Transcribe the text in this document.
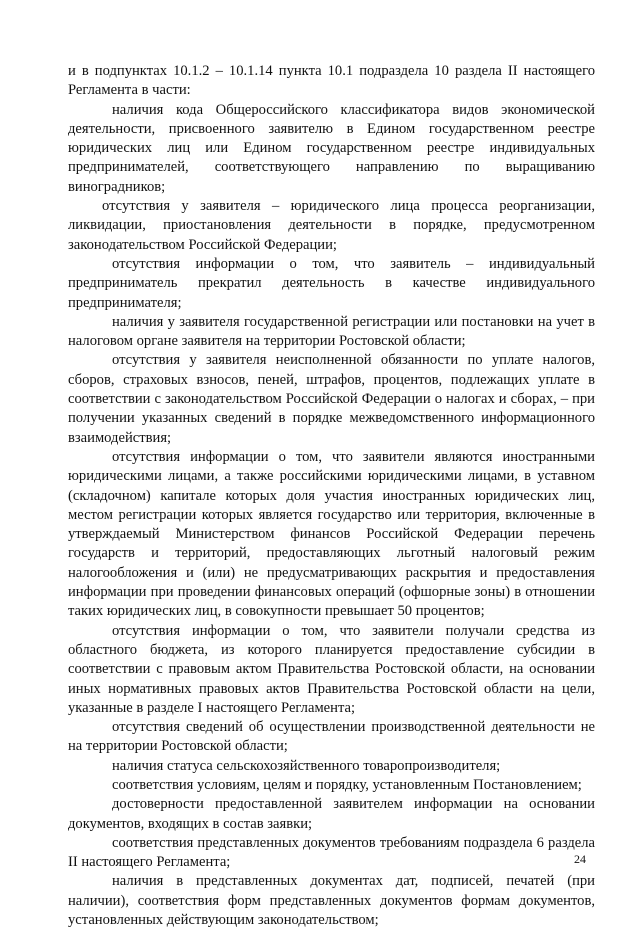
и в подпунктах 10.1.2 – 10.1.14 пункта 10.1 подраздела 10 раздела II настоящего Регламента в части:

наличия кода Общероссийского классификатора видов экономической деятельности, присвоенного заявителю в Едином государственном реестре юридических лиц или Едином государственном реестре индивидуальных предпринимателей, соответствующего направлению по выращиванию виноградников;

отсутствия у заявителя – юридического лица процесса реорганизации, ликвидации, приостановления деятельности в порядке, предусмотренном законодательством Российской Федерации;

отсутствия информации о том, что заявитель – индивидуальный предприниматель прекратил деятельность в качестве индивидуального предпринимателя;

наличия у заявителя государственной регистрации или постановки на учет в налоговом органе заявителя на территории Ростовской области;

отсутствия у заявителя неисполненной обязанности по уплате налогов, сборов, страховых взносов, пеней, штрафов, процентов, подлежащих уплате в соответствии с законодательством Российской Федерации о налогах и сборах, – при получении указанных сведений в порядке межведомственного информационного взаимодействия;

отсутствия информации о том, что заявители являются иностранными юридическими лицами, а также российскими юридическими лицами, в уставном (складочном) капитале которых доля участия иностранных юридических лиц, местом регистрации которых является государство или территория, включенные в утверждаемый Министерством финансов Российской Федерации перечень государств и территорий, предоставляющих льготный налоговый режим налогообложения и (или) не предусматривающих раскрытия и предоставления информации при проведении финансовых операций (офшорные зоны) в отношении таких юридических лиц, в совокупности превышает 50 процентов;

отсутствия информации о том, что заявители получали средства из областного бюджета, из которого планируется предоставление субсидии в соответствии с правовым актом Правительства Ростовской области, на основании иных нормативных правовых актов Правительства Ростовской области на цели, указанные в разделе I настоящего Регламента;

отсутствия сведений об осуществлении производственной деятельности не на территории Ростовской области;

наличия статуса сельскохозяйственного товаропроизводителя;

соответствия условиям, целям и порядку, установленным Постановлением;

достоверности предоставленной заявителем информации на основании документов, входящих в состав заявки;

соответствия представленных документов требованиям подраздела 6 раздела II настоящего Регламента;

наличия в представленных документах дат, подписей, печатей (при наличии), соответствия форм представленных документов формам документов, установленных действующим законодательством;

24
